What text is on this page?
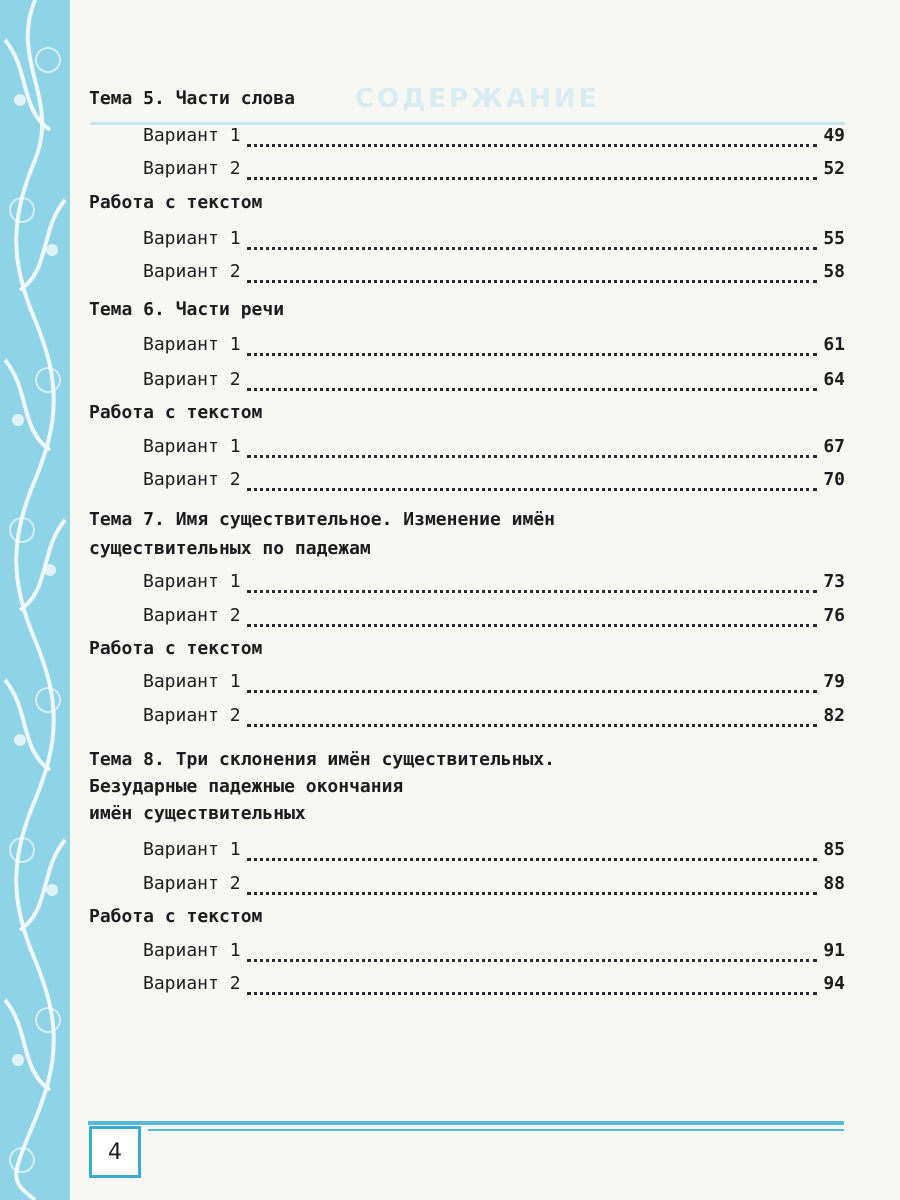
СОДЕРЖАНИЕ
Тема 5. Части слова
Вариант 1	49
Вариант 2	52
Работа с текстом
Вариант 1	55
Вариант 2	58
Тема 6. Части речи
Вариант 1	61
Вариант 2	64
Работа с текстом
Вариант 1	67
Вариант 2	70
Тема 7. Имя существительное. Изменение имён
существительных по падежам
Вариант 1	73
Вариант 2	76
Работа с текстом
Вариант 1	79
Вариант 2	82
Тема 8. Три склонения имён существительных.
Безударные падежные окончания
имён существительных
Вариант 1	85
Вариант 2	88
Работа с текстом
Вариант 1	91
Вариант 2	94
4
